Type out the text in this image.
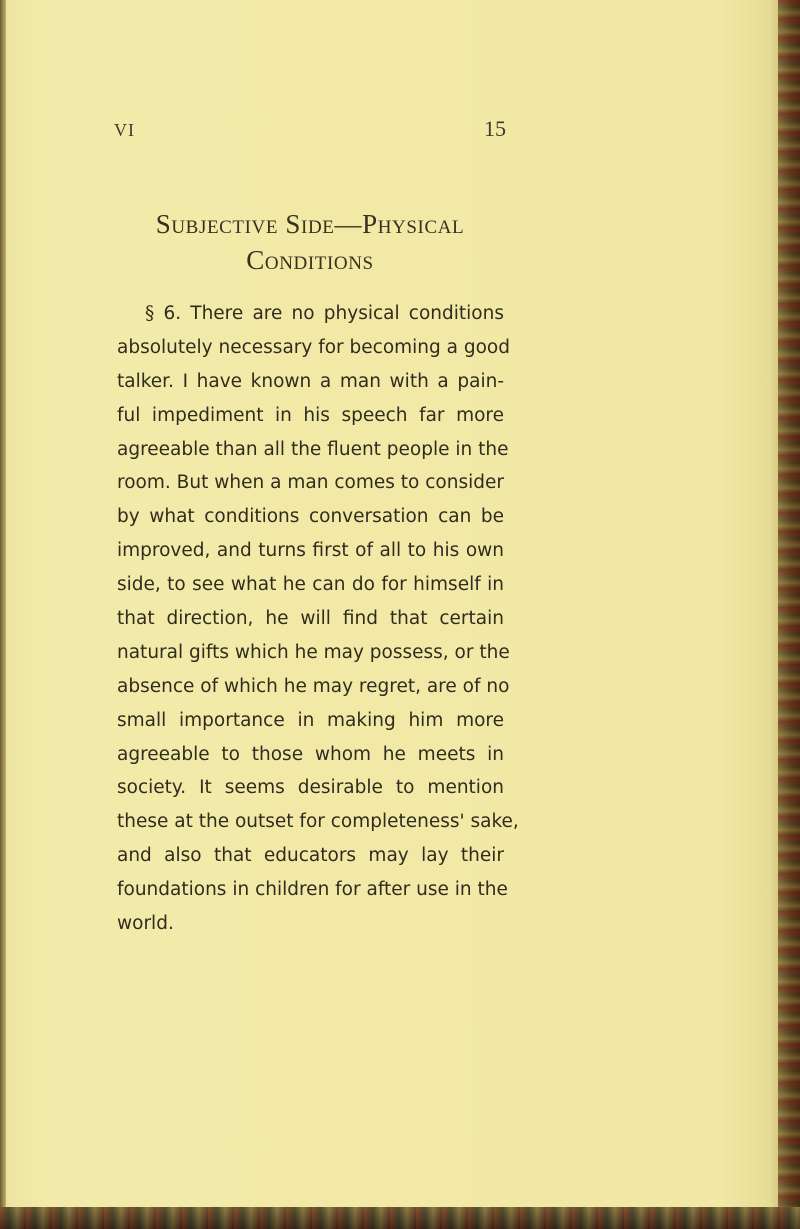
VI	15
Subjective Side—Physical
Conditions
§ 6. There are no physical conditions
absolutely necessary for becoming a good
talker. I have known a man with a pain-
ful impediment in his speech far more
agreeable than all the fluent people in the
room. But when a man comes to consider
by what conditions conversation can be
improved, and turns first of all to his own
side, to see what he can do for himself in
that direction, he will find that certain
natural gifts which he may possess, or the
absence of which he may regret, are of no
small importance in making him more
agreeable to those whom he meets in
society. It seems desirable to mention
these at the outset for completeness' sake,
and also that educators may lay their
foundations in children for after use in the
world.
